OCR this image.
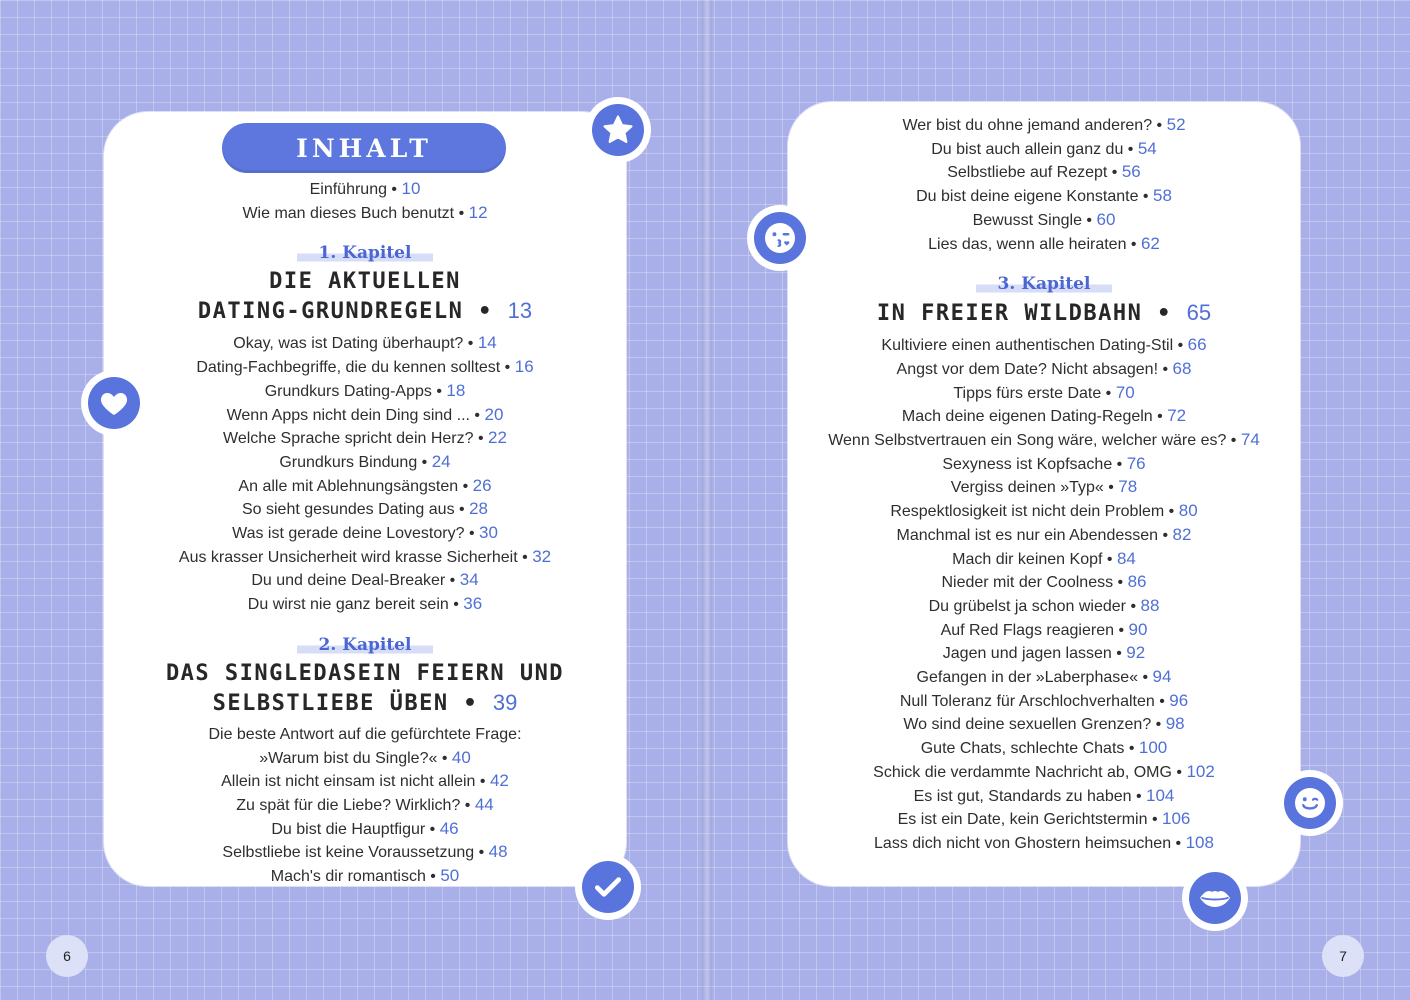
INHALT
Einführung • 10
Wie man dieses Buch benutzt • 12
1. Kapitel
DIE AKTUELLEN
DATING-GRUNDREGELN • 13
Okay, was ist Dating überhaupt? • 14
Dating-Fachbegriffe, die du kennen solltest • 16
Grundkurs Dating-Apps • 18
Wenn Apps nicht dein Ding sind ... • 20
Welche Sprache spricht dein Herz? • 22
Grundkurs Bindung • 24
An alle mit Ablehnungsängsten • 26
So sieht gesundes Dating aus • 28
Was ist gerade deine Lovestory? • 30
Aus krasser Unsicherheit wird krasse Sicherheit • 32
Du und deine Deal-Breaker • 34
Du wirst nie ganz bereit sein • 36
2. Kapitel
DAS SINGLEDASEIN FEIERN UND
SELBSTLIEBE ÜBEN • 39
Die beste Antwort auf die gefürchtete Frage:
»Warum bist du Single?« • 40
Allein ist nicht einsam ist nicht allein • 42
Zu spät für die Liebe? Wirklich? • 44
Du bist die Hauptfigur • 46
Selbstliebe ist keine Voraussetzung • 48
Mach's dir romantisch • 50
Wer bist du ohne jemand anderen? • 52
Du bist auch allein ganz du • 54
Selbstliebe auf Rezept • 56
Du bist deine eigene Konstante • 58
Bewusst Single • 60
Lies das, wenn alle heiraten • 62
3. Kapitel
IN FREIER WILDBAHN • 65
Kultiviere einen authentischen Dating-Stil • 66
Angst vor dem Date? Nicht absagen! • 68
Tipps fürs erste Date • 70
Mach deine eigenen Dating-Regeln • 72
Wenn Selbstvertrauen ein Song wäre, welcher wäre es? • 74
Sexyness ist Kopfsache • 76
Vergiss deinen »Typ« • 78
Respektlosigkeit ist nicht dein Problem • 80
Manchmal ist es nur ein Abendessen • 82
Mach dir keinen Kopf • 84
Nieder mit der Coolness • 86
Du grübelst ja schon wieder • 88
Auf Red Flags reagieren • 90
Jagen und jagen lassen • 92
Gefangen in der »Laberphase« • 94
Null Toleranz für Arschlochverhalten • 96
Wo sind deine sexuellen Grenzen? • 98
Gute Chats, schlechte Chats • 100
Schick die verdammte Nachricht ab, OMG • 102
Es ist gut, Standards zu haben • 104
Es ist ein Date, kein Gerichtstermin • 106
Lass dich nicht von Ghostern heimsuchen • 108
6	7
